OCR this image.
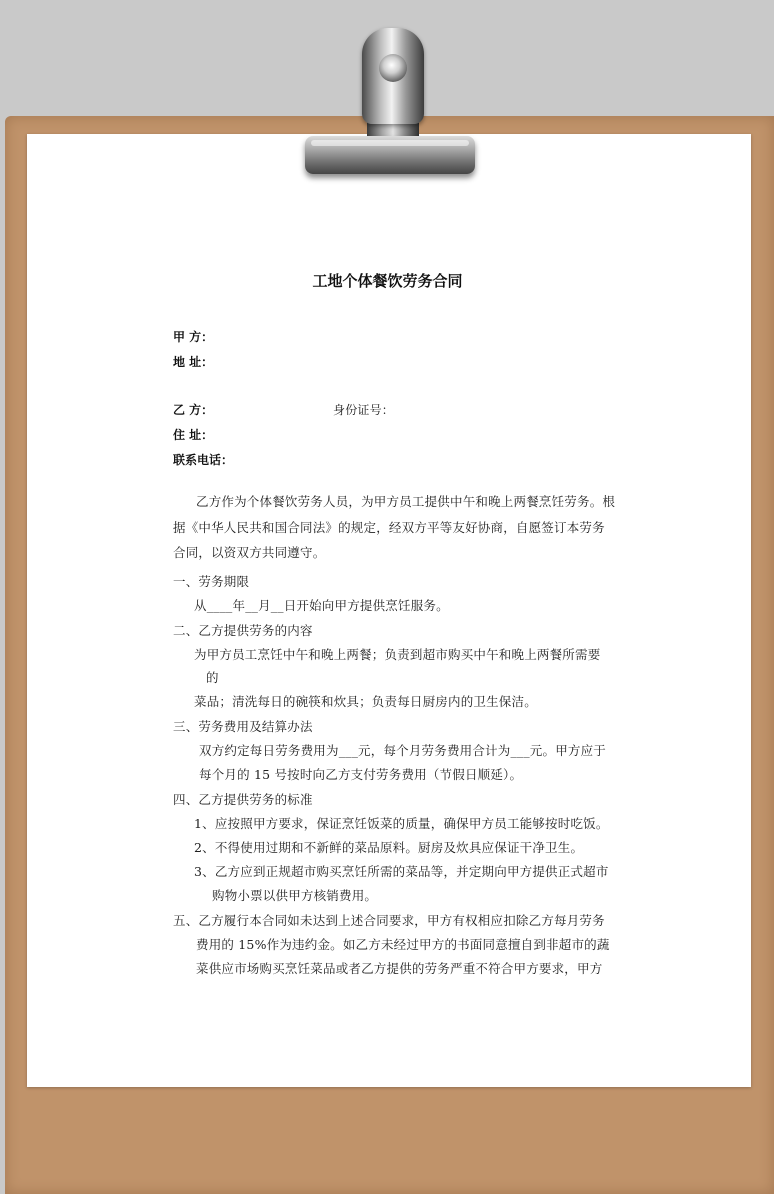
工地个体餐饮劳务合同
甲 方：
地 址：
乙 方：	身份证号：
住 址：
联系电话：
乙方作为个体餐饮劳务人员，为甲方员工提供中午和晚上两餐烹饪劳务。根
据《中华人民共和国合同法》的规定，经双方平等友好协商，自愿签订本劳务
合同，以资双方共同遵守。
一、劳务期限
从____年__月__日开始向甲方提供烹饪服务。
二、乙方提供劳务的内容
为甲方员工烹饪中午和晚上两餐；负责到超市购买中午和晚上两餐所需要
的
菜品；清洗每日的碗筷和炊具；负责每日厨房内的卫生保洁。
三、劳务费用及结算办法
双方约定每日劳务费用为___元，每个月劳务费用合计为___元。甲方应于
每个月的 15 号按时向乙方支付劳务费用（节假日顺延）。
四、乙方提供劳务的标准
1、应按照甲方要求，保证烹饪饭菜的质量，确保甲方员工能够按时吃饭。
2、不得使用过期和不新鲜的菜品原料。厨房及炊具应保证干净卫生。
3、乙方应到正规超市购买烹饪所需的菜品等，并定期向甲方提供正式超市
购物小票以供甲方核销费用。
五、乙方履行本合同如未达到上述合同要求，甲方有权相应扣除乙方每月劳务
费用的 15%作为违约金。如乙方未经过甲方的书面同意擅自到非超市的蔬
菜供应市场购买烹饪菜品或者乙方提供的劳务严重不符合甲方要求，甲方
